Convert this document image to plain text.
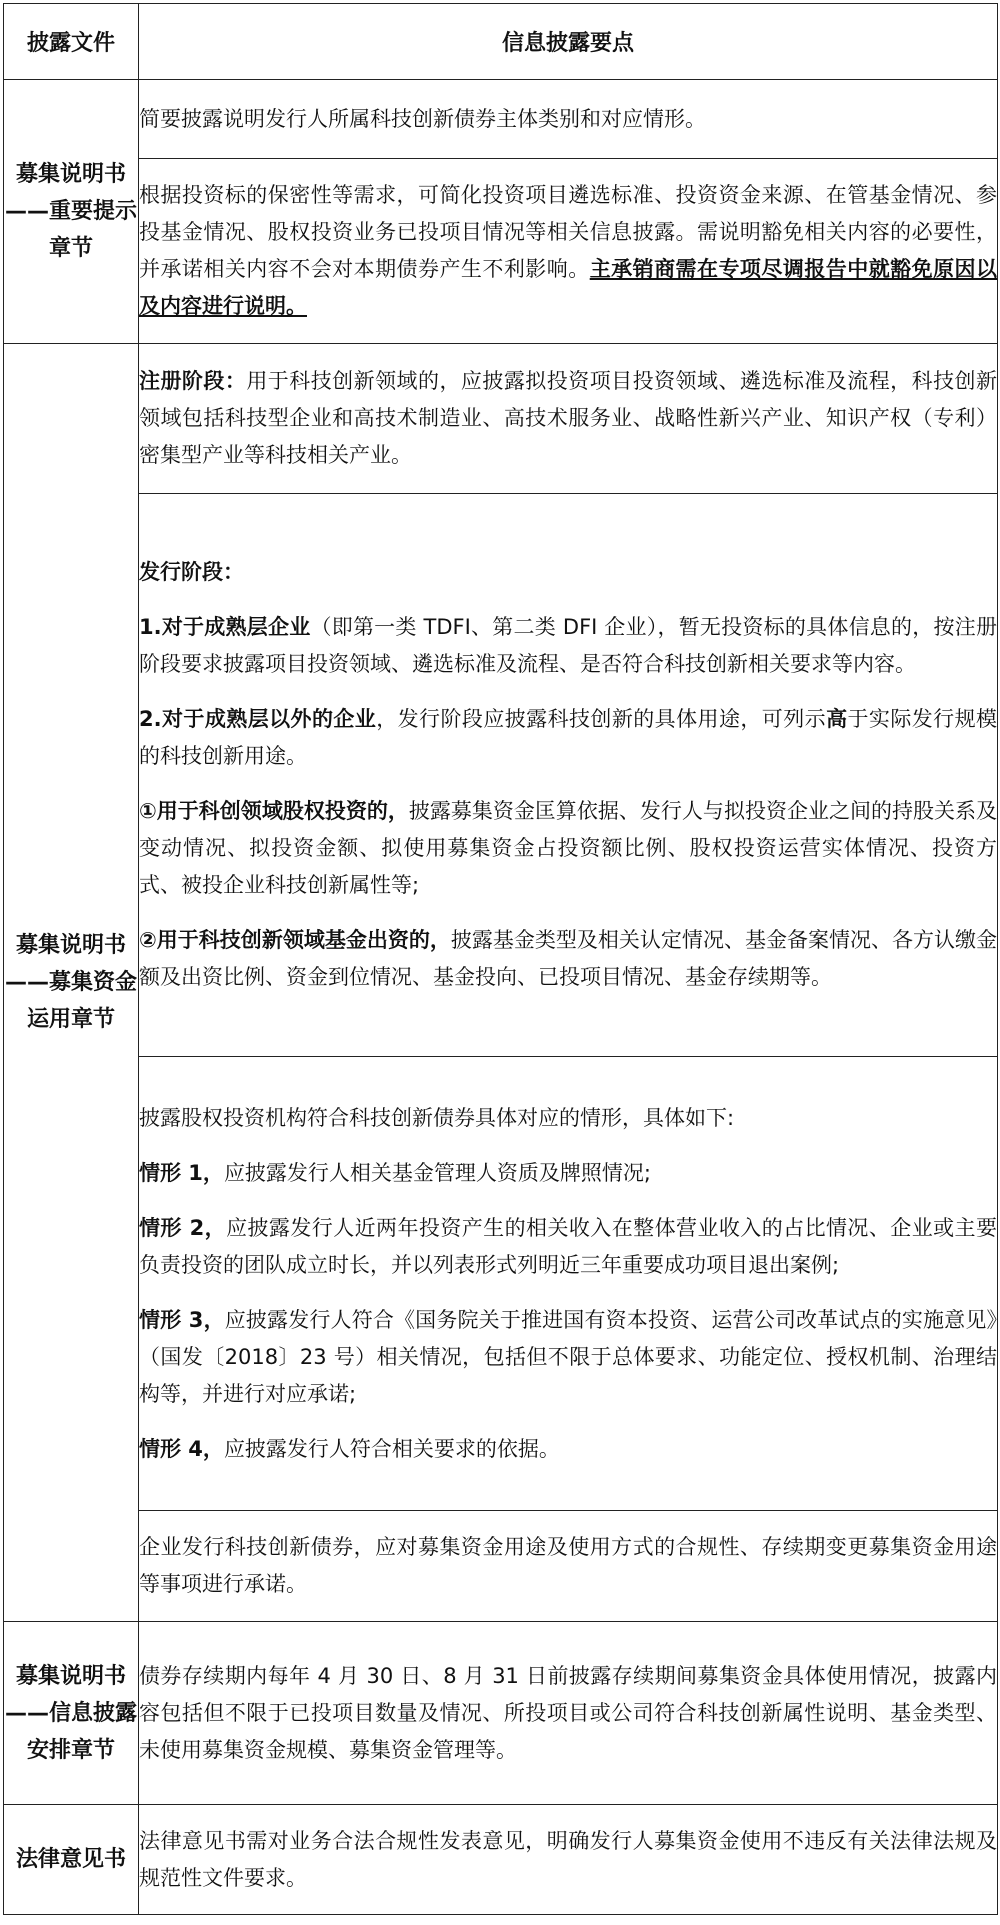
披露文件	信息披露要点
募集说明书——重要提示章节	简要披露说明发行人所属科技创新债券主体类别和对应情形。

	根据投资标的保密性等需求，可简化投资项目遴选标准、投资资金来源、在管基金情况、参投基金情况、股权投资业务已投项目情况等相关信息披露。需说明豁免相关内容的必要性，并承诺相关内容不会对本期债券产生不利影响。主承销商需在专项尽调报告中就豁免原因以及内容进行说明。

募集说明书——募集资金运用章节	注册阶段：用于科技创新领域的，应披露拟投资项目投资领域、遴选标准及流程，科技创新领域包括科技型企业和高技术制造业、高技术服务业、战略性新兴产业、知识产权（专利）密集型产业等科技相关产业。

	发行阶段：

1.对于成熟层企业（即第一类 TDFI、第二类 DFI 企业），暂无投资标的具体信息的，按注册阶段要求披露项目投资领域、遴选标准及流程、是否符合科技创新相关要求等内容。

2.对于成熟层以外的企业，发行阶段应披露科技创新的具体用途，可列示高于实际发行规模的科技创新用途。

①用于科创领域股权投资的，披露募集资金匡算依据、发行人与拟投资企业之间的持股关系及变动情况、拟投资金额、拟使用募集资金占投资额比例、股权投资运营实体情况、投资方式、被投企业科技创新属性等;

②用于科技创新领域基金出资的，披露基金类型及相关认定情况、基金备案情况、各方认缴金额及出资比例、资金到位情况、基金投向、已投项目情况、基金存续期等。

	披露股权投资机构符合科技创新债券具体对应的情形，具体如下:

情形 1，应披露发行人相关基金管理人资质及牌照情况;

情形 2，应披露发行人近两年投资产生的相关收入在整体营业收入的占比情况、企业或主要负责投资的团队成立时长，并以列表形式列明近三年重要成功项目退出案例;

情形 3，应披露发行人符合《国务院关于推进国有资本投资、运营公司改革试点的实施意见》（国发〔2018〕23 号）相关情况，包括但不限于总体要求、功能定位、授权机制、治理结构等，并进行对应承诺;

情形 4，应披露发行人符合相关要求的依据。

	企业发行科技创新债券，应对募集资金用途及使用方式的合规性、存续期变更募集资金用途等事项进行承诺。

募集说明书——信息披露安排章节	债券存续期内每年 4 月 30 日、8 月 31 日前披露存续期间募集资金具体使用情况，披露内容包括但不限于已投项目数量及情况、所投项目或公司符合科技创新属性说明、基金类型、未使用募集资金规模、募集资金管理等。

法律意见书	法律意见书需对业务合法合规性发表意见，明确发行人募集资金使用不违反有关法律法规及规范性文件要求。
